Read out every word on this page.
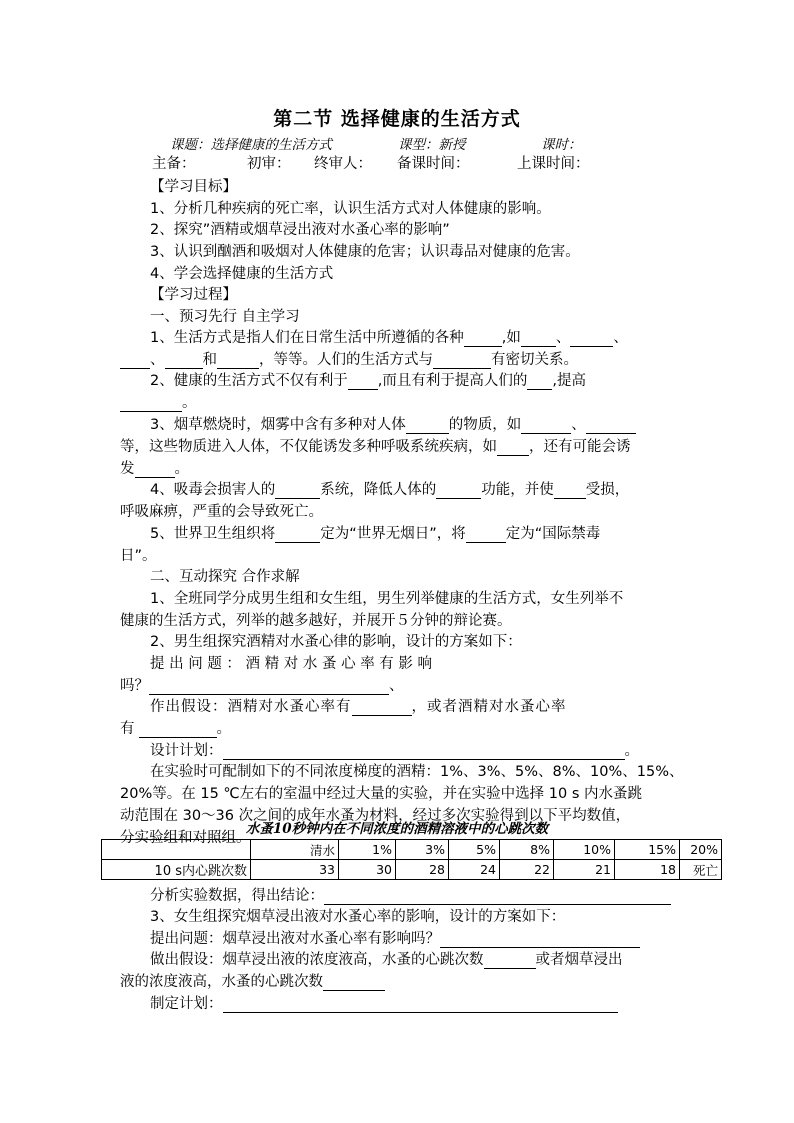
第二节 选择健康的生活方式
课题：选择健康的生活方式	课型：新授	课时：
主备：	初审： 终审人： 备课时间：	上课时间：
【学习目标】
1、分析几种疾病的死亡率，认识生活方式对人体健康的影响。
2、探究”酒精或烟草浸出液对水蚤心率的影响”
3、认识到酗酒和吸烟对人体健康的危害；认识毒品对健康的危害。
4、学会选择健康的生活方式
【学习过程】
一、预习先行 自主学习
1、生活方式是指人们在日常生活中所遵循的各种	,如 、	、
、	和	，等等。人们的生活方式与	有密切关系。
2、健康的生活方式不仅有利于 ,而且有利于提高人们的 ,提高
。
3、烟草燃烧时，烟雾中含有多种对人体	的物质，如	、
等，这些物质进入人体，不仅能诱发多种呼吸系统疾病，如 ，还有可能会诱
发	。
4、吸毒会损害人的	系统，降低人体的	功能，并使 受损，
呼吸麻痹，严重的会导致死亡。
5、世界卫生组织将	定为“世界无烟日”，将	定为“国际禁毒
日”。
二、互动探究 合作求解
1、全班同学分成男生组和女生组，男生列举健康的生活方式，女生列举不
健康的生活方式，列举的越多越好，并展开５分钟的辩论赛。
2、男生组探究酒精对水蚤心律的影响，设计的方案如下：
提 出 问 题 ： 酒 精 对 水 蚤 心 率 有 影 响
吗？	、
作出假设：酒精对水蚤心率有	，或者酒精对水蚤心率
有	。
设计计划：	。
在实验时可配制如下的不同浓度梯度的酒精：1%、3%、5%、8%、10%、15%、
20%等。在 15 ℃左右的室温中经过大量的实验，并在实验中选择 10 s 内水蚤跳
动范围在 30～36 次之间的成年水蚤为材料，经过多次实验得到以下平均数值，
水蚤10秒钟内在不同浓度的酒精溶液中的心跳次数
	清水	1%	3%	5%	8%	10%	15%	20%
10 s内心跳次数	33	30	28	24	22	21	18	死亡
分析实验数据，得出结论：
3、女生组探究烟草浸出液对水蚤心率的影响，设计的方案如下：
提出问题：烟草浸出液对水蚤心率有影响吗？
做出假设：烟草浸出液的浓度液高，水蚤的心跳次数	或者烟草浸出
液的浓度液高，水蚤的心跳次数
制定计划：
分实验组和对照组。
